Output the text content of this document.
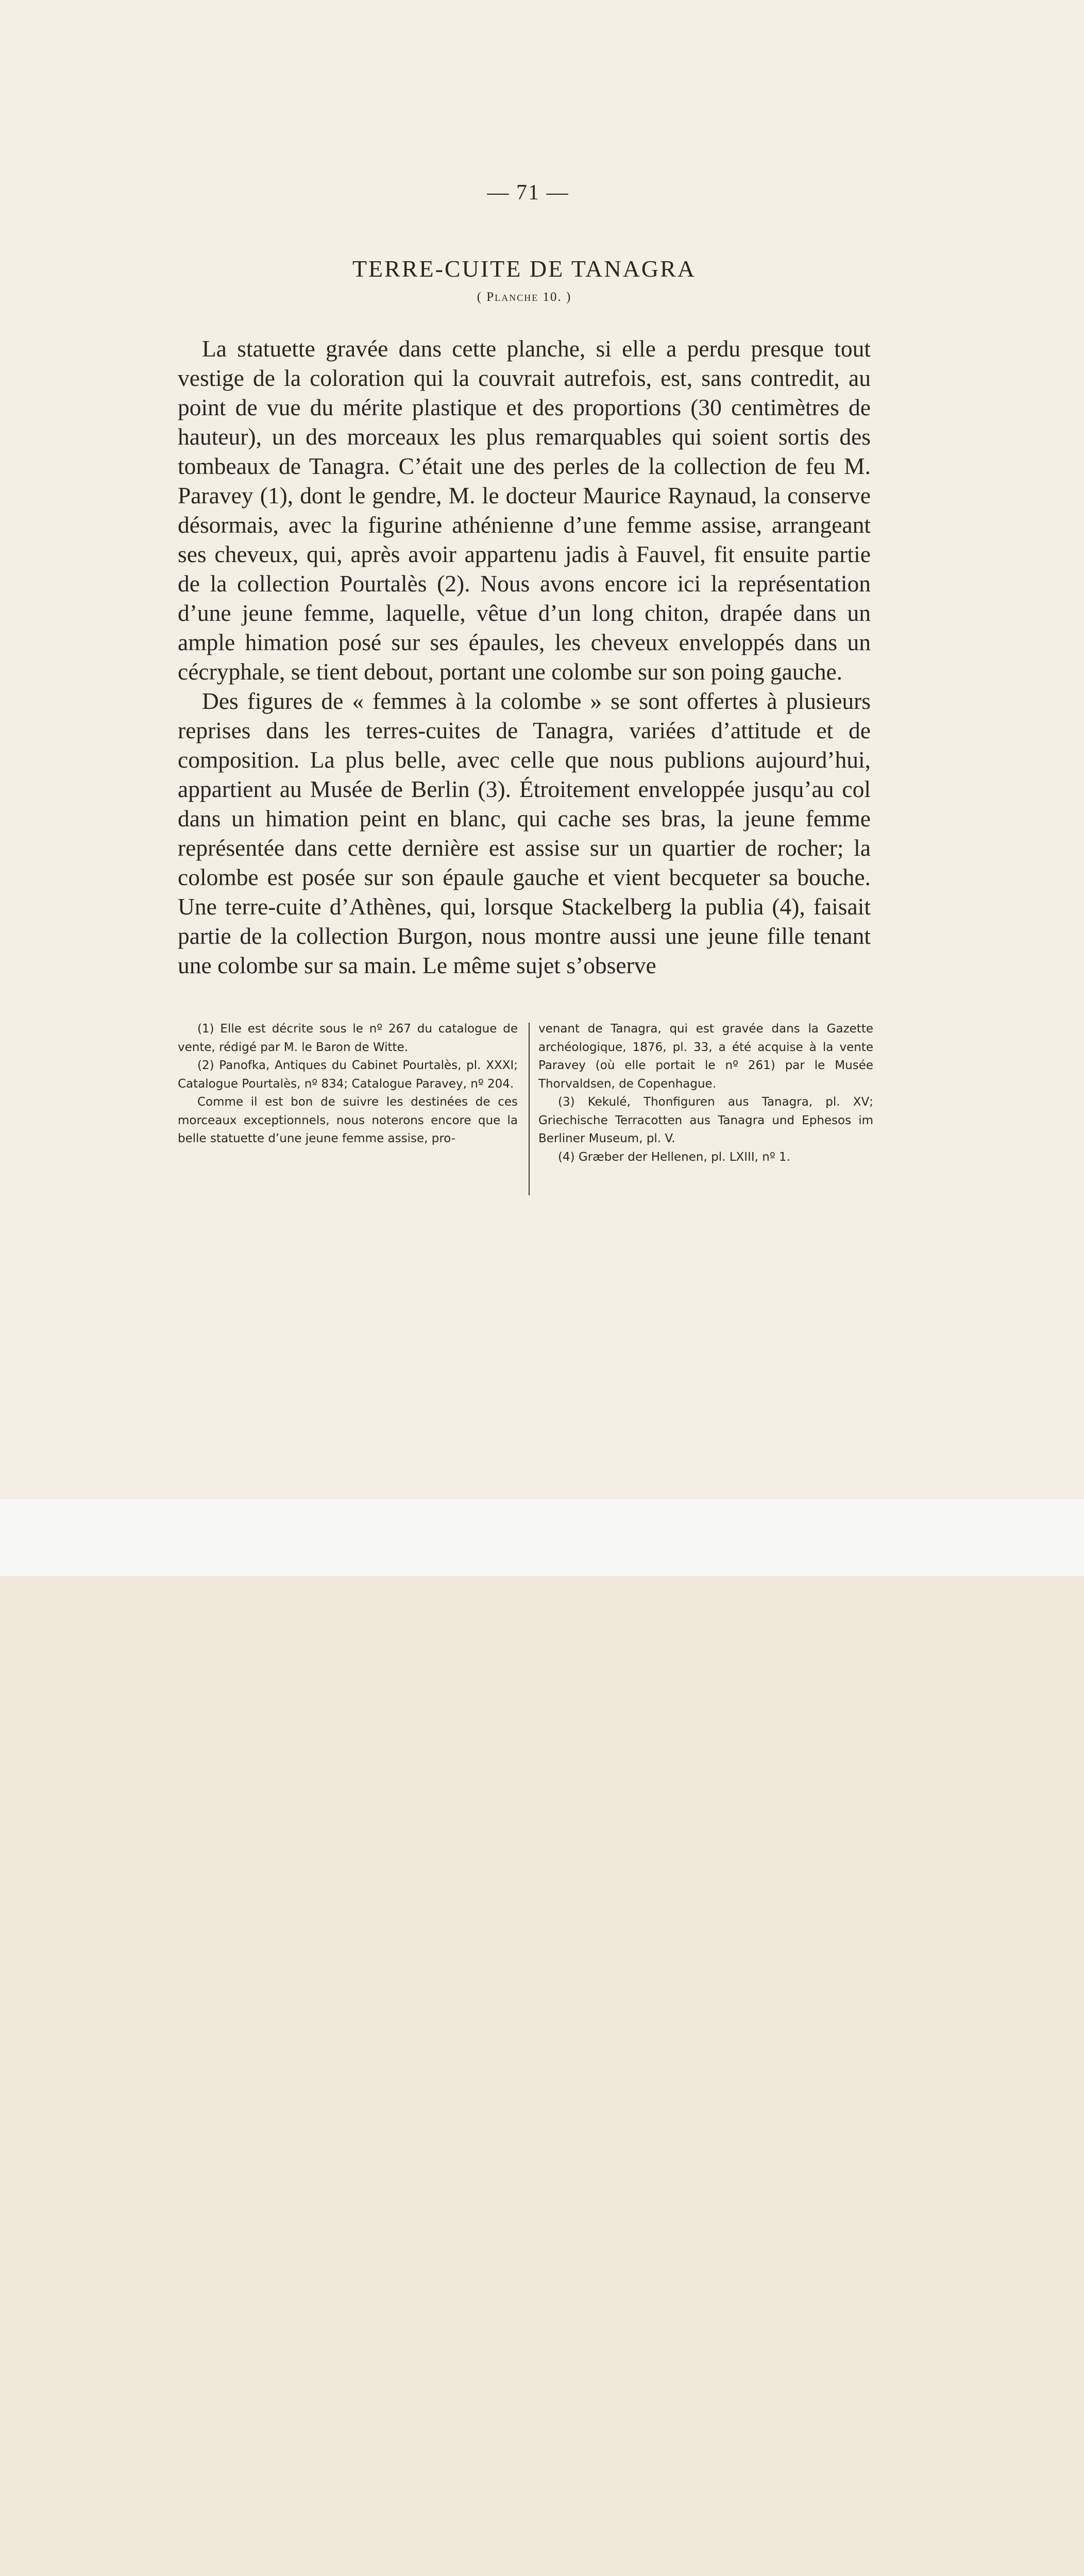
— 71 —
TERRE-CUITE DE TANAGRA
( Planche 10. )

La statuette gravée dans cette planche, si elle a perdu presque tout vestige de la coloration qui la couvrait autrefois, est, sans contredit, au point de vue du mérite plastique et des proportions (30 centimètres de hauteur), un des morceaux les plus remarquables qui soient sortis des tombeaux de Tanagra. C’était une des perles de la collection de feu M. Paravey (1), dont le gendre, M. le docteur Maurice Raynaud, la conserve désormais, avec la figurine athénienne d’une femme assise, arrangeant ses cheveux, qui, après avoir appartenu jadis à Fauvel, fit ensuite partie de la collection Pourtalès (2). Nous avons encore ici la représentation d’une jeune femme, laquelle, vêtue d’un long chiton, drapée dans un ample himation posé sur ses épaules, les cheveux enveloppés dans un cécryphale, se tient debout, portant une colombe sur son poing gauche.

Des figures de « femmes à la colombe » se sont offertes à plusieurs reprises dans les terres-cuites de Tanagra, variées d’attitude et de composition. La plus belle, avec celle que nous publions aujourd’hui, appartient au Musée de Berlin (3). Étroitement enveloppée jusqu’au col dans un himation peint en blanc, qui cache ses bras, la jeune femme représentée dans cette dernière est assise sur un quartier de rocher; la colombe est posée sur son épaule gauche et vient becqueter sa bouche. Une terre-cuite d’Athènes, qui, lorsque Stackelberg la publia (4), faisait partie de la collection Burgon, nous montre aussi une jeune fille tenant une colombe sur sa main. Le même sujet s’observe

(1) Elle est décrite sous le nº 267 du catalogue de vente, rédigé par M. le Baron de Witte.

(2) Panofka, Antiques du Cabinet Pourtalès, pl. XXXI; Catalogue Pourtalès, nº 834; Catalogue Paravey, nº 204.

Comme il est bon de suivre les destinées de ces morceaux exceptionnels, nous noterons encore que la belle statuette d’une jeune femme assise, pro-

venant de Tanagra, qui est gravée dans la Gazette archéologique, 1876, pl. 33, a été acquise à la vente Paravey (où elle portait le nº 261) par le Musée Thorvaldsen, de Copenhague.

(3) Kekulé, Thonfiguren aus Tanagra, pl. XV; Griechische Terracotten aus Tanagra und Ephesos im Berliner Museum, pl. V.

(4) Græber der Hellenen, pl. LXIII, nº 1.
